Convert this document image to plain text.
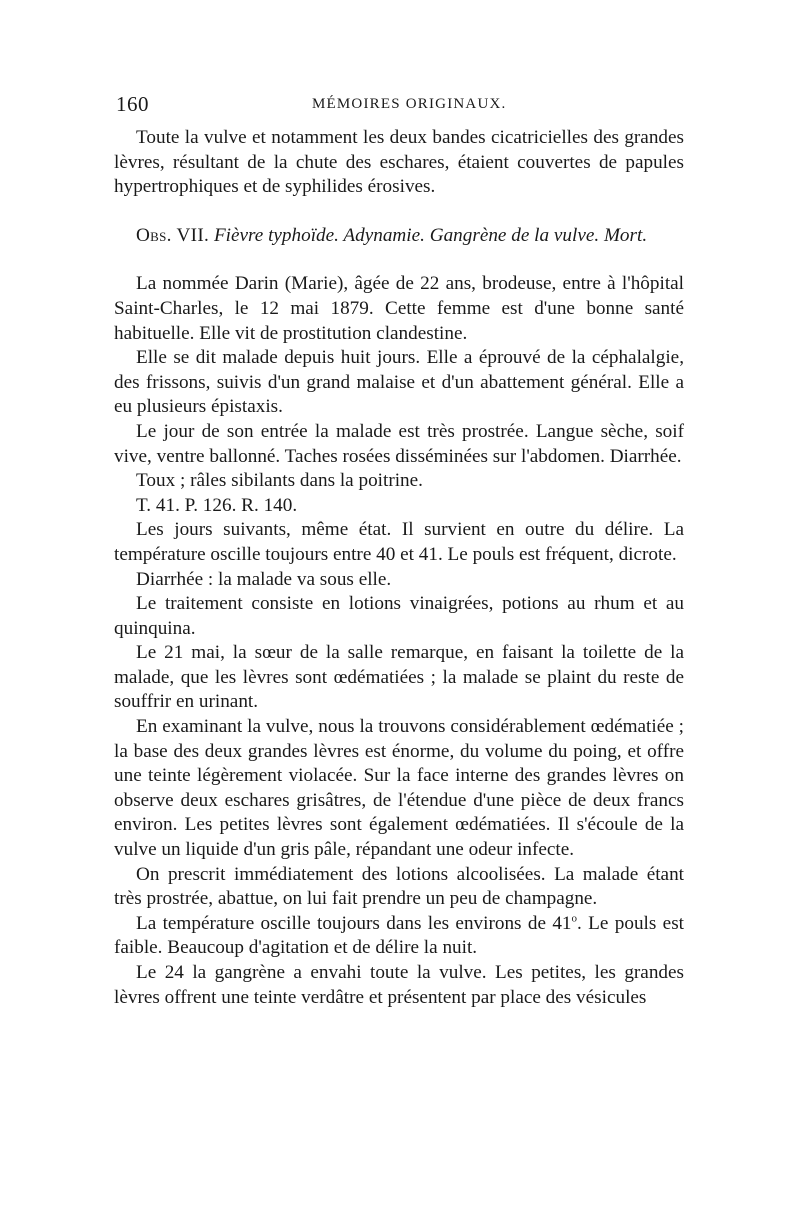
160	MÉMOIRES ORIGINAUX.

Toute la vulve et notamment les deux bandes cicatricielles des grandes lèvres, résultant de la chute des eschares, étaient couvertes de papules hypertrophiques et de syphilides érosives.

Obs. VII. Fièvre typhoïde. Adynamie. Gangrène de la vulve. Mort.

La nommée Darin (Marie), âgée de 22 ans, brodeuse, entre à l'hôpital Saint-Charles, le 12 mai 1879. Cette femme est d'une bonne santé habituelle. Elle vit de prostitution clandestine.

Elle se dit malade depuis huit jours. Elle a éprouvé de la céphalalgie, des frissons, suivis d'un grand malaise et d'un abattement général. Elle a eu plusieurs épistaxis.

Le jour de son entrée la malade est très prostrée. Langue sèche, soif vive, ventre ballonné. Taches rosées disséminées sur l'abdomen. Diarrhée.

Toux ; râles sibilants dans la poitrine.

T. 41. P. 126. R. 140.

Les jours suivants, même état. Il survient en outre du délire. La température oscille toujours entre 40 et 41. Le pouls est fréquent, dicrote.

Diarrhée : la malade va sous elle.

Le traitement consiste en lotions vinaigrées, potions au rhum et au quinquina.

Le 21 mai, la sœur de la salle remarque, en faisant la toilette de la malade, que les lèvres sont œdématiées ; la malade se plaint du reste de souffrir en urinant.

En examinant la vulve, nous la trouvons considérablement œdématiée ; la base des deux grandes lèvres est énorme, du volume du poing, et offre une teinte légèrement violacée. Sur la face interne des grandes lèvres on observe deux eschares grisâtres, de l'étendue d'une pièce de deux francs environ. Les petites lèvres sont également œdématiées. Il s'écoule de la vulve un liquide d'un gris pâle, répandant une odeur infecte.

On prescrit immédiatement des lotions alcoolisées. La malade étant très prostrée, abattue, on lui fait prendre un peu de champagne.

La température oscille toujours dans les environs de 41$^o$. Le pouls est faible. Beaucoup d'agitation et de délire la nuit.

Le 24 la gangrène a envahi toute la vulve. Les petites, les grandes lèvres offrent une teinte verdâtre et présentent par place des vésicules
